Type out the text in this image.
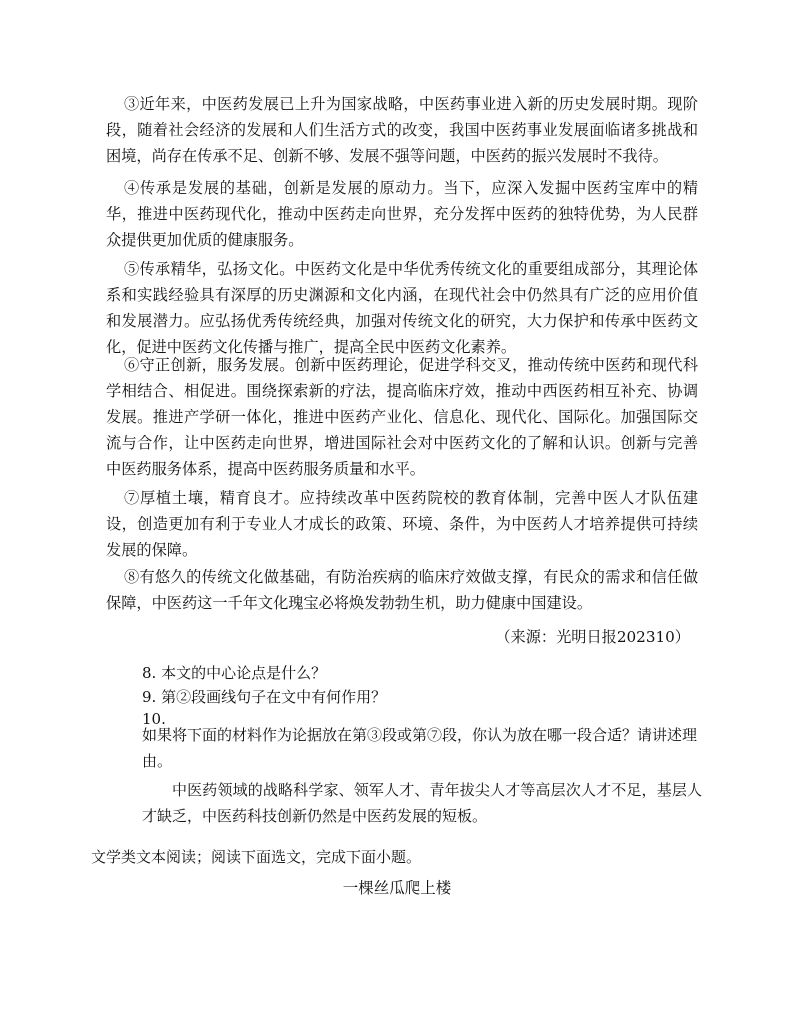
③近年来，中医药发展已上升为国家战略，中医药事业进入新的历史发展时期。现阶段，随着社会经济的发展和人们生活方式的改变，我国中医药事业发展面临诸多挑战和困境，尚存在传承不足、创新不够、发展不强等问题，中医药的振兴发展时不我待。

④传承是发展的基础，创新是发展的原动力。当下，应深入发掘中医药宝库中的精华，推进中医药现代化，推动中医药走向世界，充分发挥中医药的独特优势，为人民群众提供更加优质的健康服务。

⑤传承精华，弘扬文化。中医药文化是中华优秀传统文化的重要组成部分，其理论体系和实践经验具有深厚的历史渊源和文化内涵，在现代社会中仍然具有广泛的应用价值和发展潜力。应弘扬优秀传统经典，加强对传统文化的研究，大力保护和传承中医药文化，促进中医药文化传播与推广，提高全民中医药文化素养。

⑥守正创新，服务发展。创新中医药理论，促进学科交叉，推动传统中医药和现代科学相结合、相促进。围绕探索新的疗法，提高临床疗效，推动中西医药相互补充、协调发展。推进产学研一体化，推进中医药产业化、信息化、现代化、国际化。加强国际交流与合作，让中医药走向世界，增进国际社会对中医药文化的了解和认识。创新与完善中医药服务体系，提高中医药服务质量和水平。

⑦厚植土壤，精育良才。应持续改革中医药院校的教育体制，完善中医人才队伍建设，创造更加有利于专业人才成长的政策、环境、条件，为中医药人才培养提供可持续发展的保障。

⑧有悠久的传统文化做基础，有防治疾病的临床疗效做支撑，有民众的需求和信任做保障，中医药这一千年文化瑰宝必将焕发勃勃生机，助力健康中国建设。

（来源：光明日报202310）

8. 本文的中心论点是什么？

9. 第②段画线句子在文中有何作用？

10.

如果将下面的材料作为论据放在第③段或第⑦段，你认为放在哪一段合适？请讲述理由。

中医药领域的战略科学家、领军人才、青年拔尖人才等高层次人才不足，基层人才缺乏，中医药科技创新仍然是中医药发展的短板。

文学类文本阅读；阅读下面选文，完成下面小题。

一棵丝瓜爬上楼
